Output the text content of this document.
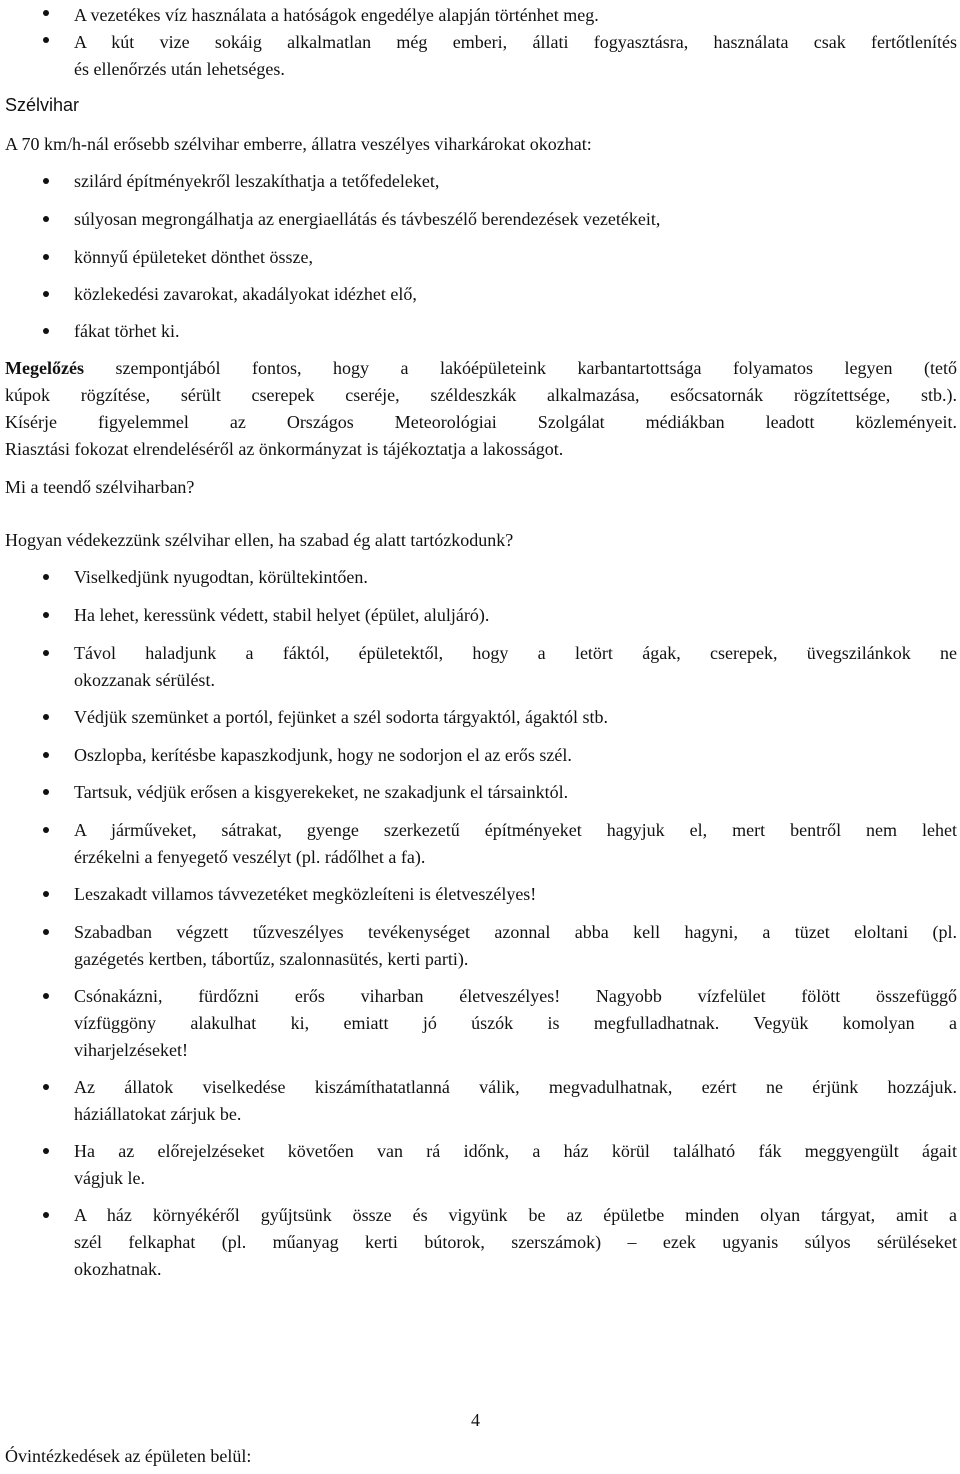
A vezetékes víz használata a hatóságok engedélye alapján történhet meg.
A kút vize sokáig alkalmatlan még emberi, állati fogyasztásra, használata csak fertőtlenítés
és ellenőrzés után lehetséges.
Szélvihar
A 70 km/h-nál erősebb szélvihar emberre, állatra veszélyes viharkárokat okozhat:
szilárd építményekről leszakíthatja a tetőfedeleket,
súlyosan megrongálhatja az energiaellátás és távbeszélő berendezések vezetékeit,
könnyű épületeket dönthet össze,
közlekedési zavarokat, akadályokat idézhet elő,
fákat törhet ki.
Megelőzés szempontjából fontos, hogy a lakóépületeink karbantartottsága folyamatos legyen (tető
kúpok rögzítése, sérült cserepek cseréje, széldeszkák alkalmazása, esőcsatornák rögzítettsége, stb.).
Kísérje figyelemmel az Országos Meteorológiai Szolgálat médiákban leadott közleményeit.
Riasztási fokozat elrendeléséről az önkormányzat is tájékoztatja a lakosságot.
Mi a teendő szélviharban?
Hogyan védekezzünk szélvihar ellen, ha szabad ég alatt tartózkodunk?
Viselkedjünk nyugodtan, körültekintően.
Ha lehet, keressünk védett, stabil helyet (épület, aluljáró).
Távol haladjunk a fáktól, épületektől, hogy a letört ágak, cserepek, üvegszilánkok ne
okozzanak sérülést.
Védjük szemünket a portól, fejünket a szél sodorta tárgyaktól, ágaktól stb.
Oszlopba, kerítésbe kapaszkodjunk, hogy ne sodorjon el az erős szél.
Tartsuk, védjük erősen a kisgyerekeket, ne szakadjunk el társainktól.
A járműveket, sátrakat, gyenge szerkezetű építményeket hagyjuk el, mert bentről nem lehet
érzékelni a fenyegető veszélyt (pl. rádőlhet a fa).
Leszakadt villamos távvezetéket megközleíteni is életveszélyes!
Szabadban végzett tűzveszélyes tevékenységet azonnal abba kell hagyni, a tüzet eloltani (pl.
gazégetés kertben, tábortűz, szalonnasütés, kerti parti).
Csónakázni, fürdőzni erős viharban életveszélyes! Nagyobb vízfelület fölött összefüggő
vízfüggöny alakulhat ki, emiatt jó úszók is megfulladhatnak. Vegyük komolyan a
viharjelzéseket!
Az állatok viselkedése kiszámíthatatlanná válik, megvadulhatnak, ezért ne érjünk hozzájuk.
háziállatokat zárjuk be.
Ha az előrejelzéseket követően van rá időnk, a ház körül található fák meggyengült ágait
vágjuk le.
A ház környékéről gyűjtsünk össze és vigyünk be az épületbe minden olyan tárgyat, amit a
szél felkaphat (pl. műanyag kerti bútorok, szerszámok) – ezek ugyanis súlyos sérüléseket
okozhatnak.
4
Óvintézkedések az épületen belül:
